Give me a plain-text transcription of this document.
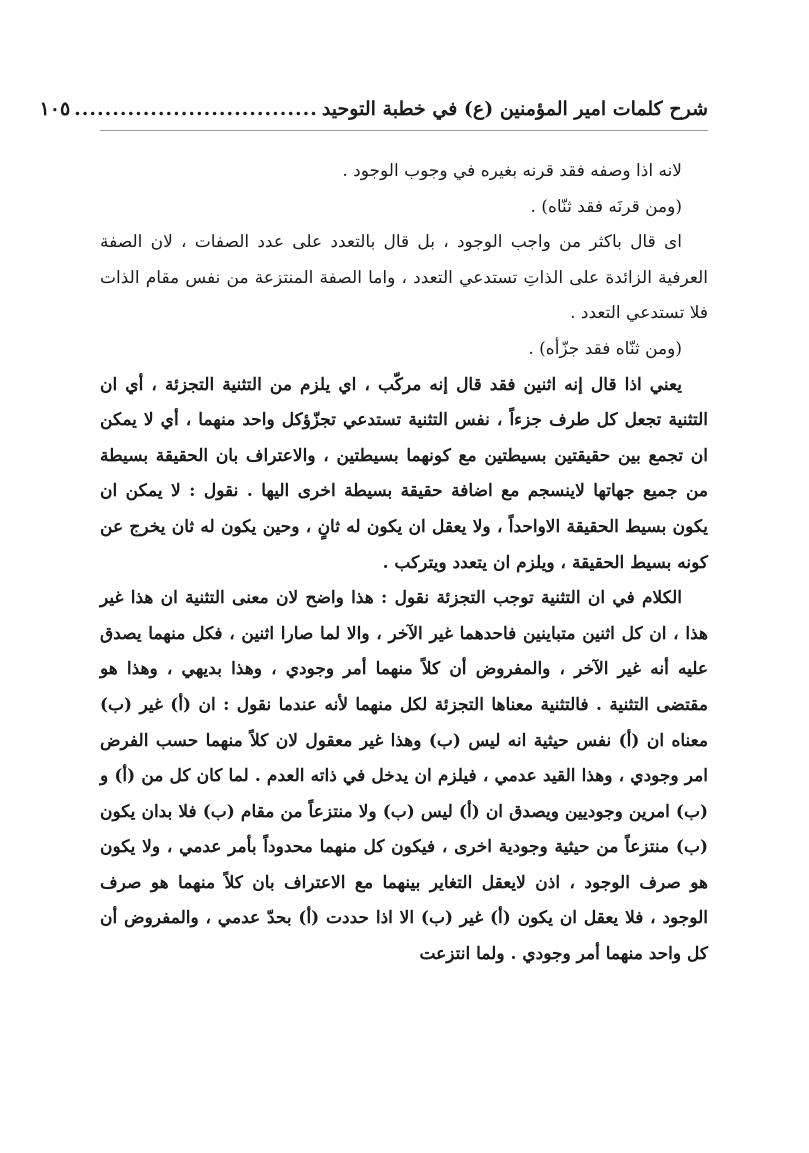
شرح كلمات امير المؤمنين (ع) في خطبة التوحيد
................................
١٠٥

لانه اذا وصفه فقد قرنه بغيره في وجوب الوجود .

(ومن قرنَه فقد ثنّاه) .

اى قال باكثر من واجب الوجود ، بل قال بالتعدد على عدد الصفات ، لان الصفة العرفية الزائدة على الذاتِ تستدعي التعدد ، واما الصفة المنتزعة من نفس مقام الذات فلا تستدعي التعدد .

(ومن ثنّاه فقد جزّأه) .

يعني اذا قال إنه اثنين فقد قال إنه مركّب ، اي يلزم من التثنية التجزئة ، أي ان التثنية تجعل كل طرف جزءاً ، نفس التثنية تستدعي تجزّؤكل واحد منهما ، أي لا يمكن ان تجمع بين حقيقتين بسيطتين مع كونهما بسيطتين ، والاعتراف بان الحقيقة بسيطة من جميع جهاتها لاينسجم مع اضافة حقيقة بسيطة اخرى اليها . نقول : لا يمكن ان يكون بسيط الحقيقة الاواحداً ، ولا يعقل ان يكون له ثانٍ ، وحين يكون له ثان يخرج عن كونه بسيط الحقيقة ، ويلزم ان يتعدد ويتركب .

الكلام في ان التثنية توجب التجزئة نقول : هذا واضح لان معنى التثنية ان هذا غير هذا ، ان كل اثنين متباينين فاحدهما غير الآخر ، والا لما صارا اثنين ، فكل منهما يصدق عليه أنه غير الآخر ، والمفروض أن كلاً منهما أمر وجودي ، وهذا بديهي ، وهذا هو مقتضى التثنية . فالتثنية معناها التجزئة لكل منهما لأنه عندما نقول : ان (أ) غير (ب) معناه ان (أ) نفس حيثية انه ليس (ب) وهذا غير معقول لان كلاً منهما حسب الفرض امر وجودي ، وهذا القيد عدمي ، فيلزم ان يدخل في ذاته العدم . لما كان كل من (أ) و (ب) امرين وجوديين ويصدق ان (أ) ليس (ب) ولا منتزعاً من مقام (ب) فلا بدان يكون (ب) منتزعاً من حيثية وجودية اخرى ، فيكون كل منهما محدوداً بأمر عدمي ، ولا يكون هو صرف الوجود ، اذن لايعقل التغاير بينهما مع الاعتراف بان كلاً منهما هو صرف الوجود ، فلا يعقل ان يكون (أ) غير (ب) الا اذا حددت (أ) بحدّ عدمي ، والمفروض أن كل واحد منهما أمر وجودي . ولما انتزعت
